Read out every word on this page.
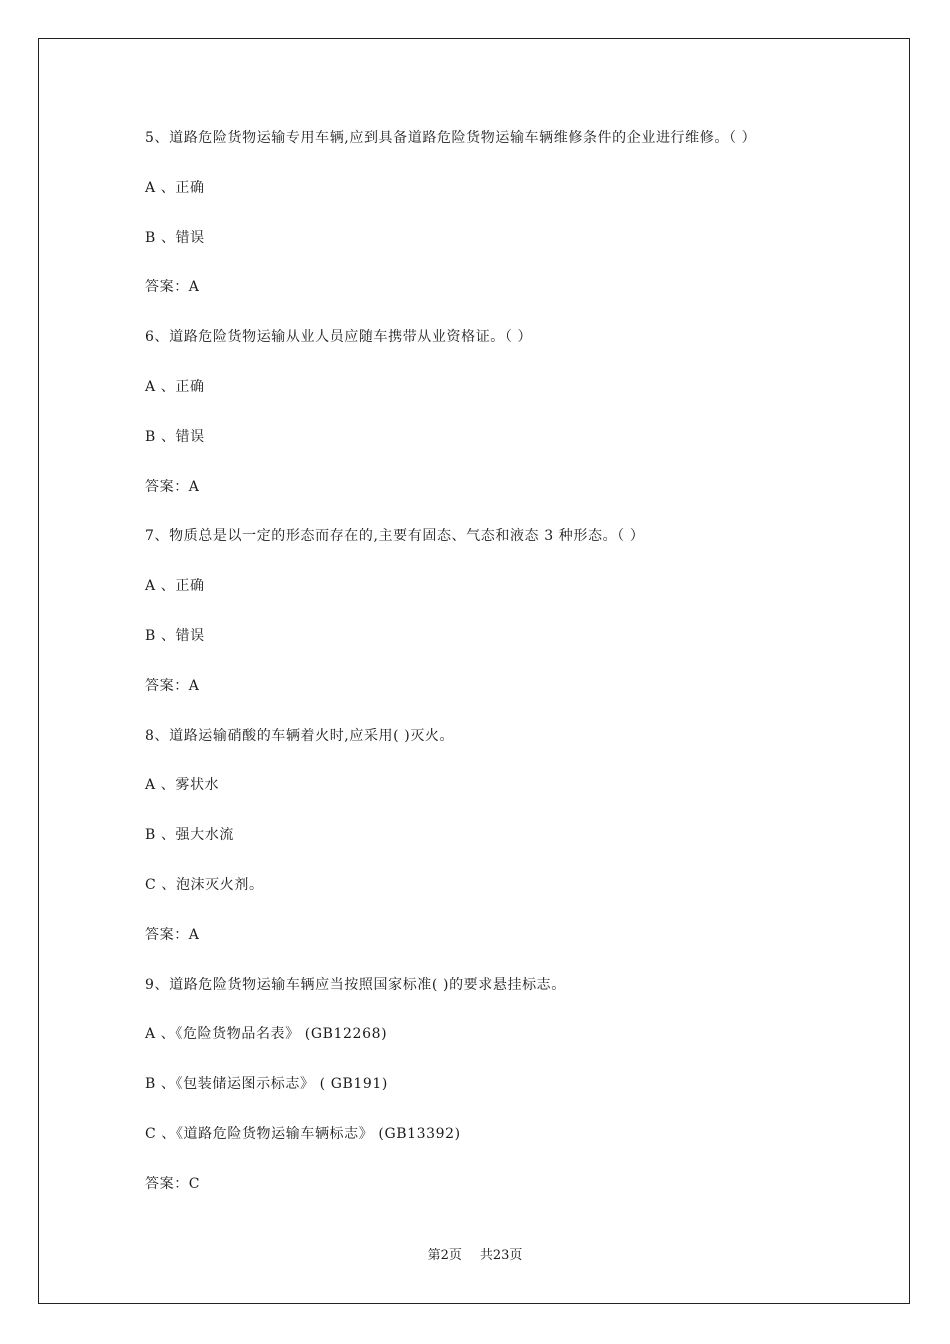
5、道路危险货物运输专用车辆,应到具备道路危险货物运输车辆维修条件的企业进行维修。（ ）
A 、正确
B 、错误
答案：A
6、道路危险货物运输从业人员应随车携带从业资格证。（ ）
A 、正确
B 、错误
答案：A
7、物质总是以一定的形态而存在的,主要有固态、气态和液态 3 种形态。（ ）
A 、正确
B 、错误
答案：A
8、道路运输硝酸的车辆着火时,应采用( )灭火。
A 、雾状水
B 、强大水流
C 、泡沫灭火剂。
答案：A
9、道路危险货物运输车辆应当按照国家标准( )的要求悬挂标志。
A 、《危险货物品名表》 (GB12268)
B 、《包装储运图示标志》 ( GB191)
C 、《道路危险货物运输车辆标志》 (GB13392)
答案：C
第2页 共23页
